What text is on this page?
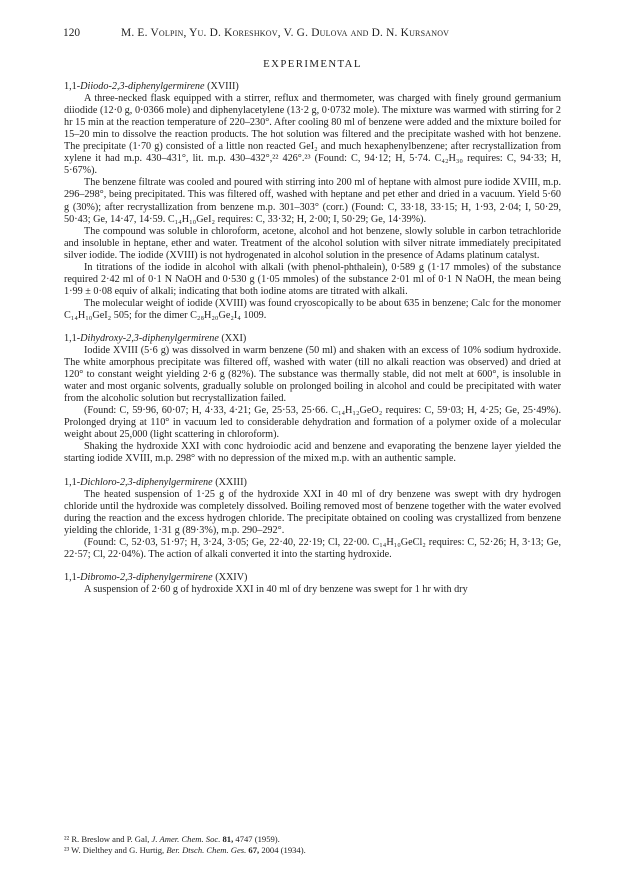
120	M. E. Volpin, Yu. D. Koreshkov, V. G. Dulova and D. N. Kursanov
EXPERIMENTAL
1,1-Diiodo-2,3-diphenylgermirene (XVIII)

A three-necked flask equipped with a stirrer, reflux and thermometer, was charged with finely ground germanium diiodide (12·0 g, 0·0366 mole) and diphenylacetylene (13·2 g, 0·0732 mole). The mixture was warmed with stirring for 2 hr 15 min at the reaction temperature of 220–230°. After cooling 80 ml of benzene were added and the mixture boiled for 15–20 min to dissolve the reaction products. The hot solution was filtered and the precipitate washed with hot benzene. The precipitate (1·70 g) consisted of a little non reacted GeI₂ and much hexaphenylbenzene; after recrystallization from xylene it had m.p. 430–431°, lit. m.p. 430–432°,²² 426°.²³ (Found: C, 94·12; H, 5·74. C₄₂H₃₀ requires: C, 94·33; H, 5·67%).

The benzene filtrate was cooled and poured with stirring into 200 ml of heptane with almost pure iodide XVIII, m.p. 296–298°, being precipitated. This was filtered off, washed with heptane and pet ether and dried in a vacuum. Yield 5·60 g (30%); after recrystallization from benzene m.p. 301–303° (corr.) (Found: C, 33·18, 33·15; H, 1·93, 2·04; I, 50·29, 50·43; Ge, 14·47, 14·59. C₁₄H₁₀GeI₂ requires: C, 33·32; H, 2·00; I, 50·29; Ge, 14·39%).

The compound was soluble in chloroform, acetone, alcohol and hot benzene, slowly soluble in carbon tetrachloride and insoluble in heptane, ether and water. Treatment of the alcohol solution with silver nitrate immediately precipitated silver iodide. The iodide (XVIII) is not hydrogenated in alcohol solution in the presence of Adams platinum catalyst.

In titrations of the iodide in alcohol with alkali (with phenol-phthalein), 0·589 g (1·17 mmoles) of the substance required 2·42 ml of 0·1 N NaOH and 0·530 g (1·05 mmoles) of the substance 2·01 ml of 0·1 N NaOH, the mean being 1·99 ± 0·08 equiv of alkali; indicating that both iodine atoms are titrated with alkali.

The molecular weight of iodide (XVIII) was found cryoscopically to be about 635 in benzene; Calc for the monomer C₁₄H₁₀GeI₂ 505; for the dimer C₂₈H₂₀Ge₂I₄ 1009.

1,1-Dihydroxy-2,3-diphenylgermirene (XXI)

Iodide XVIII (5·6 g) was dissolved in warm benzene (50 ml) and shaken with an excess of 10% sodium hydroxide. The white amorphous precipitate was filtered off, washed with water (till no alkali reaction was observed) and dried at 120° to constant weight yielding 2·6 g (82%). The substance was thermally stable, did not melt at 600°, is insoluble in water and most organic solvents, gradually soluble on prolonged boiling in alcohol and could be precipitated with water from the alcoholic solution but recrystallization failed.

(Found: C, 59·96, 60·07; H, 4·33, 4·21; Ge, 25·53, 25·66. C₁₄H₁₂GeO₂ requires: C, 59·03; H, 4·25; Ge, 25·49%). Prolonged drying at 110° in vacuum led to considerable dehydration and formation of a polymer oxide of a molecular weight about 25,000 (light scattering in chloroform).

Shaking the hydroxide XXI with conc hydroiodic acid and benzene and evaporating the benzene layer yielded the starting iodide XVIII, m.p. 298° with no depression of the mixed m.p. with an authentic sample.

1,1-Dichloro-2,3-diphenylgermirene (XXIII)

The heated suspension of 1·25 g of the hydroxide XXI in 40 ml of dry benzene was swept with dry hydrogen chloride until the hydroxide was completely dissolved. Boiling removed most of benzene together with the water evolved during the reaction and the excess hydrogen chloride. The precipitate obtained on cooling was crystallized from benzene yielding the chloride, 1·31 g (89·3%), m.p. 290–292°.

(Found: C, 52·03, 51·97; H, 3·24, 3·05; Ge, 22·40, 22·19; Cl, 22·00. C₁₄H₁₀GeCl₂ requires: C, 52·26; H, 3·13; Ge, 22·57; Cl, 22·04%). The action of alkali converted it into the starting hydroxide.

1,1-Dibromo-2,3-diphenylgermirene (XXIV)

A suspension of 2·60 g of hydroxide XXI in 40 ml of dry benzene was swept for 1 hr with dry

²² R. Breslow and P. Gal, J. Amer. Chem. Soc. 81, 4747 (1959).

²³ W. Dielthey and G. Hurtig, Ber. Dtsch. Chem. Ges. 67, 2004 (1934).
